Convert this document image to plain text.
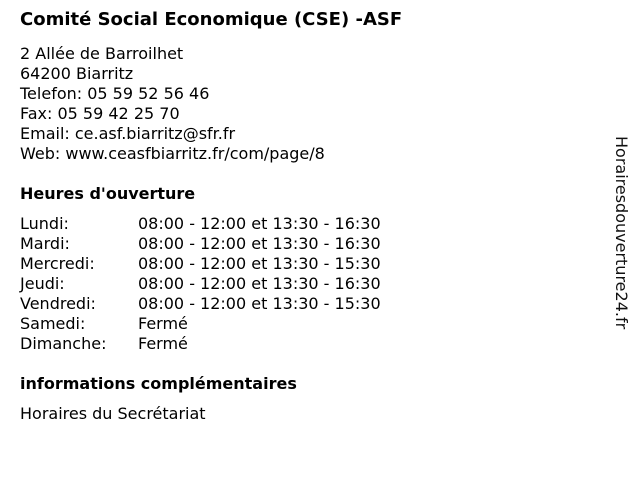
Comité Social Economique (CSE) -ASF
2 Allée de Barroilhet
64200 Biarritz
Telefon: 05 59 52 56 46
Fax: 05 59 42 25 70
Email: ce.asf.biarritz@sfr.fr
Web: www.ceasfbiarritz.fr/com/page/8
Heures d'ouverture
Lundi:	08:00 - 12:00 et 13:30 - 16:30
Mardi:	08:00 - 12:00 et 13:30 - 16:30
Mercredi:	08:00 - 12:00 et 13:30 - 15:30
Jeudi:	08:00 - 12:00 et 13:30 - 16:30
Vendredi:	08:00 - 12:00 et 13:30 - 15:30
Samedi:	Fermé
Dimanche: Fermé
informations complémentaires
Horaires du Secrétariat
Horairesdouverture24.fr
